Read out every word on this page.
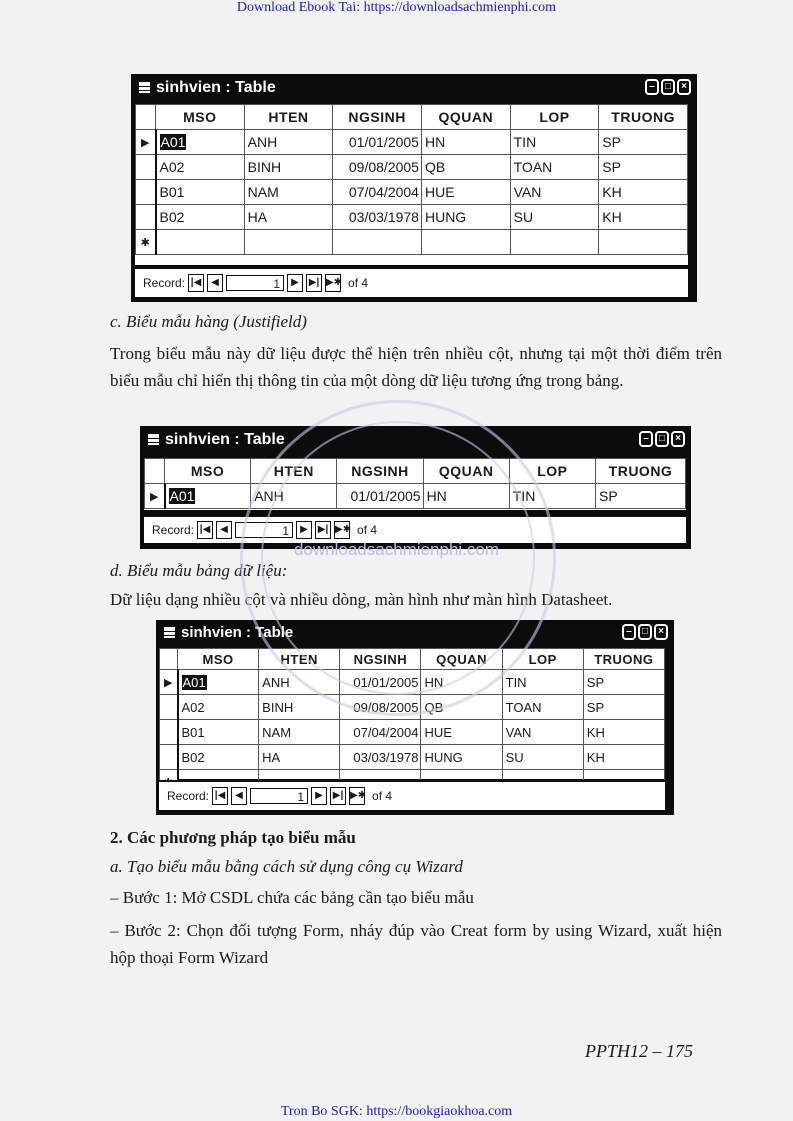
Download Ebook Tai: https://downloadsachmienphi.com
sinhvien : Table	–	□	×
	MSO	HTEN	NGSINH	QQUAN	LOP	TRUONG
▶	A01	ANH	01/01/2005	HN	TIN	SP
	A02	BINH	09/08/2005	QB	TOAN	SP
	B01	NAM	07/04/2004	HUE	VAN	KH
	B02	HA	03/03/1978	HUNG	SU	KH
✱						
Record: |◀ ◀	1	▶ ▶| ▶✱ of 4
c. Biểu mẫu hàng (Justifield)

Trong biểu mẫu này dữ liệu được thể hiện trên nhiều cột, nhưng tại một thời điểm trên biểu mẫu chỉ hiển thị thông tin của một dòng dữ liệu tương ứng trong bảng.

sinhvien : Table	–	□	×
	MSO	HTEN	NGSINH	QQUAN	LOP	TRUONG
▶	A01	ANH	01/01/2005	HN	TIN	SP
Record: |◀ ◀	1	▶ ▶| ▶✱ of 4
d. Biểu mẫu bảng dữ liệu:

Dữ liệu dạng nhiều cột và nhiều dòng, màn hình như màn hình Datasheet.

sinhvien : Table	–	□	×
	MSO	HTEN	NGSINH	QQUAN	LOP	TRUONG
▶	A01	ANH	01/01/2005	HN	TIN	SP
	A02	BINH	09/08/2005	QB	TOAN	SP
	B01	NAM	07/04/2004	HUE	VAN	KH
	B02	HA	03/03/1978	HUNG	SU	KH

Record: |◀ ◀	1	▶ ▶| ▶✱ of 4
2. Các phương pháp tạo biểu mẫu
a. Tạo biểu mẫu bằng cách sử dụng công cụ Wizard
– Bước 1: Mở CSDL chứa các bảng cần tạo biểu mẫu
– Bước 2: Chọn đối tượng Form, nháy đúp vào Creat form by using Wizard, xuất hiện hộp thoại Form Wizard
PPTH12 – 175
downloadsachmienphi.com
Tron Bo SGK: https://bookgiaokhoa.com
